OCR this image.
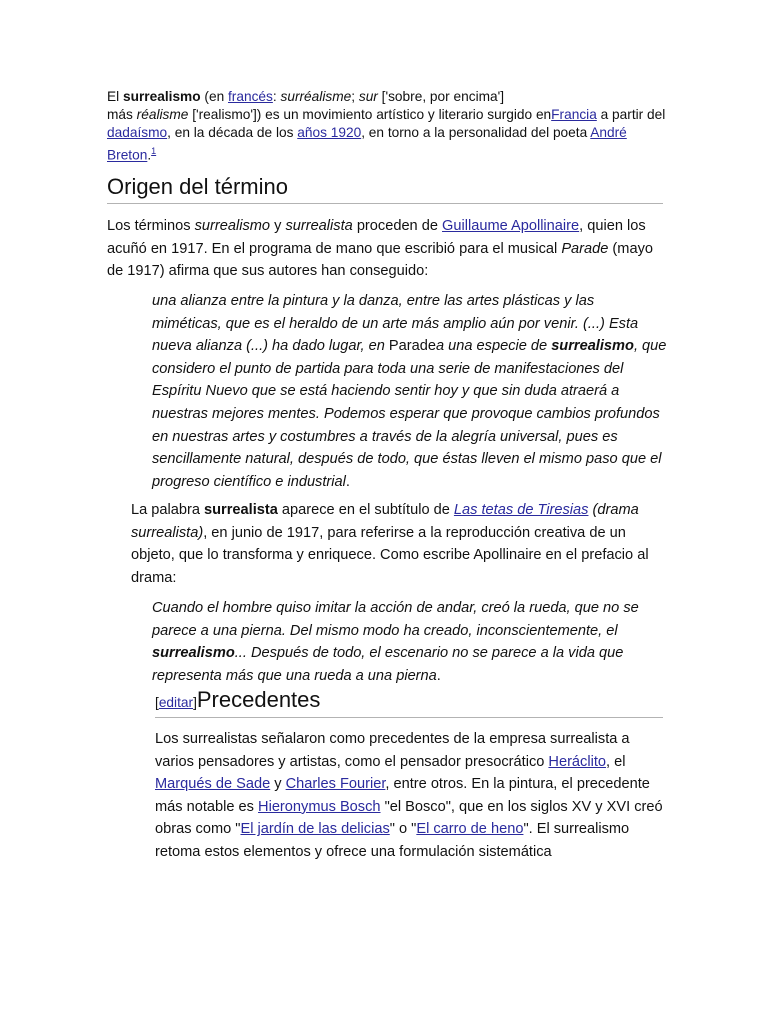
El surrealismo (en francés: surréalisme; sur ['sobre, por encima']
más réalisme ['realismo']) es un movimiento artístico y literario surgido enFrancia a partir del dadaísmo, en la década de los años 1920, en torno a la personalidad del poeta André Breton.$^1$

Origen del término

Los términos surrealismo y surrealista proceden de Guillaume Apollinaire, quien los acuñó en 1917. En el programa de mano que escribió para el musical Parade (mayo de 1917) afirma que sus autores han conseguido:

una alianza entre la pintura y la danza, entre las artes plásticas y las miméticas, que es el heraldo de un arte más amplio aún por venir. (...) Esta nueva alianza (...) ha dado lugar, en Paradea una especie de surrealismo, que considero el punto de partida para toda una serie de manifestaciones del Espíritu Nuevo que se está haciendo sentir hoy y que sin duda atraerá a nuestras mejores mentes. Podemos esperar que provoque cambios profundos en nuestras artes y costumbres a través de la alegría universal, pues es sencillamente natural, después de todo, que éstas lleven el mismo paso que el progreso científico e industrial.

La palabra surrealista aparece en el subtítulo de Las tetas de Tiresias (drama surrealista), en junio de 1917, para referirse a la reproducción creativa de un objeto, que lo transforma y enriquece. Como escribe Apollinaire en el prefacio al drama:

Cuando el hombre quiso imitar la acción de andar, creó la rueda, que no se parece a una pierna. Del mismo modo ha creado, inconscientemente, el surrealismo... Después de todo, el escenario no se parece a la vida que representa más que una rueda a una pierna.
[editar]Precedentes

Los surrealistas señalaron como precedentes de la empresa surrealista a varios pensadores y artistas, como el pensador presocrático Heráclito, el Marqués de Sade y Charles Fourier, entre otros. En la pintura, el precedente más notable es Hieronymus Bosch "el Bosco", que en los siglos XV y XVI creó obras como "El jardín de las delicias" o "El carro de heno". El surrealismo retoma estos elementos y ofrece una formulación sistemática
